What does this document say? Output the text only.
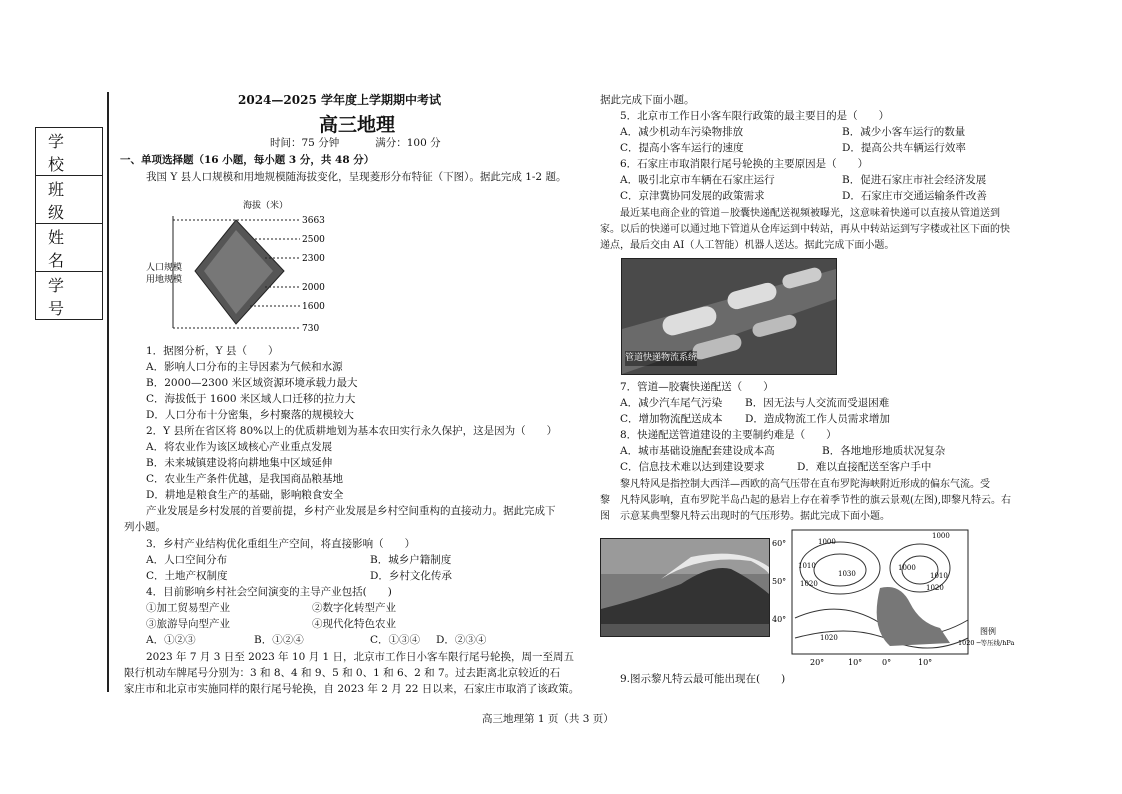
学校
班级
姓名
学号
2024—2025 学年度上学期期中考试
高三地理
时间：75 分钟	满分：100 分
一、单项选择题（16 小题，每小题 3 分，共 48 分）
我国 Y 县人口规模和用地规模随海拔变化，呈现菱形分布特征（下图）。据此完成 1-2 题。
海拔（米）
3663
2500
2300
2000
1600
730
人口规模
用地规模
1．据图分析，Y 县（　　）
A．影响人口分布的主导因素为气候和水源
B．2000—2300 米区域资源环境承载力最大
C．海拔低于 1600 米区域人口迁移的拉力大
D．人口分布十分密集，乡村聚落的规模较大
2．Y 县所在省区将 80%以上的优质耕地划为基本农田实行永久保护，这是因为（　　）
A．将农业作为该区域核心产业重点发展
B．未来城镇建设将向耕地集中区域延伸
C．农业生产条件优越，是我国商品粮基地
D．耕地是粮食生产的基础，影响粮食安全
产业发展是乡村发展的首要前提，乡村产业发展是乡村空间重构的直接动力。据此完成下
列小题。
3．乡村产业结构优化重组生产空间，将直接影响（　　）
A．人口空间分布	B．城乡户籍制度
C．土地产权制度	D．乡村文化传承
4．目前影响乡村社会空间演变的主导产业包括(　　)
①加工贸易型产业	②数字化转型产业
③旅游导向型产业	④现代化特色农业
A．①②③	B．①②④	C．①③④ D．②③④
2023 年 7 月 3 日至 2023 年 10 月 1 日，北京市工作日小客车限行尾号轮换，周一至周五
限行机动车牌尾号分别为：3 和 8、4 和 9、5 和 0、1 和 6、2 和 7。过去距离北京较近的石
家庄市和北京市实施同样的限行尾号轮换，自 2023 年 2 月 22 日以来，石家庄市取消了该政策。
据此完成下面小题。
5．北京市工作日小客车限行政策的最主要目的是（　　）
A．减少机动车污染物排放	B．减少小客车运行的数量
C．提高小客车运行的速度	D．提高公共车辆运行效率
6．石家庄市取消限行尾号轮换的主要原因是（　　）
A．吸引北京市车辆在石家庄运行	B．促进石家庄市社会经济发展
C．京津冀协同发展的政策需求	D．石家庄市交通运输条件改善
　　最近某电商企业的管道－胶囊快递配送视频被曝光，这意味着快递可以直接从管道送到
家。以后的快递可以通过地下管道从仓库运到中转站，再从中转站运到写字楼或社区下面的快
递点，最后交由 AI（人工智能）机器人送达。据此完成下面小题。
管道快递物流系统
7．管道—胶囊快递配送（　　）
A．减少汽车尾气污染 B．因无法与人交流而受退困难
C．增加物流配送成本 D．造成物流工作人员需求增加
8．快递配送管道建设的主要制约难是（　　）
A．城市基础设施配套建设成本高	B．各地地形地质状况复杂
C．信息技术难以达到建设要求	D．难以直接配送至客户手中
　　黎凡特风是指控制大西洋—西欧的高气压带在直布罗陀海峡附近形成的偏东气流。受
黎　凡特风影响，直布罗陀半岛凸起的悬岩上存在着季节性的旗云景观(左图),即黎凡特云。右
图　示意某典型黎凡特云出现时的气压形势。据此完成下面小题。
60°
50°
40°
20°	10° 0°	10°
1000
1010
1020
1030
1000
1000
1010
1020
1020
图例
1020 ─等压线/hPa
9.图示黎凡特云最可能出现在(　　)
高三地理第 1 页（共 3 页）
